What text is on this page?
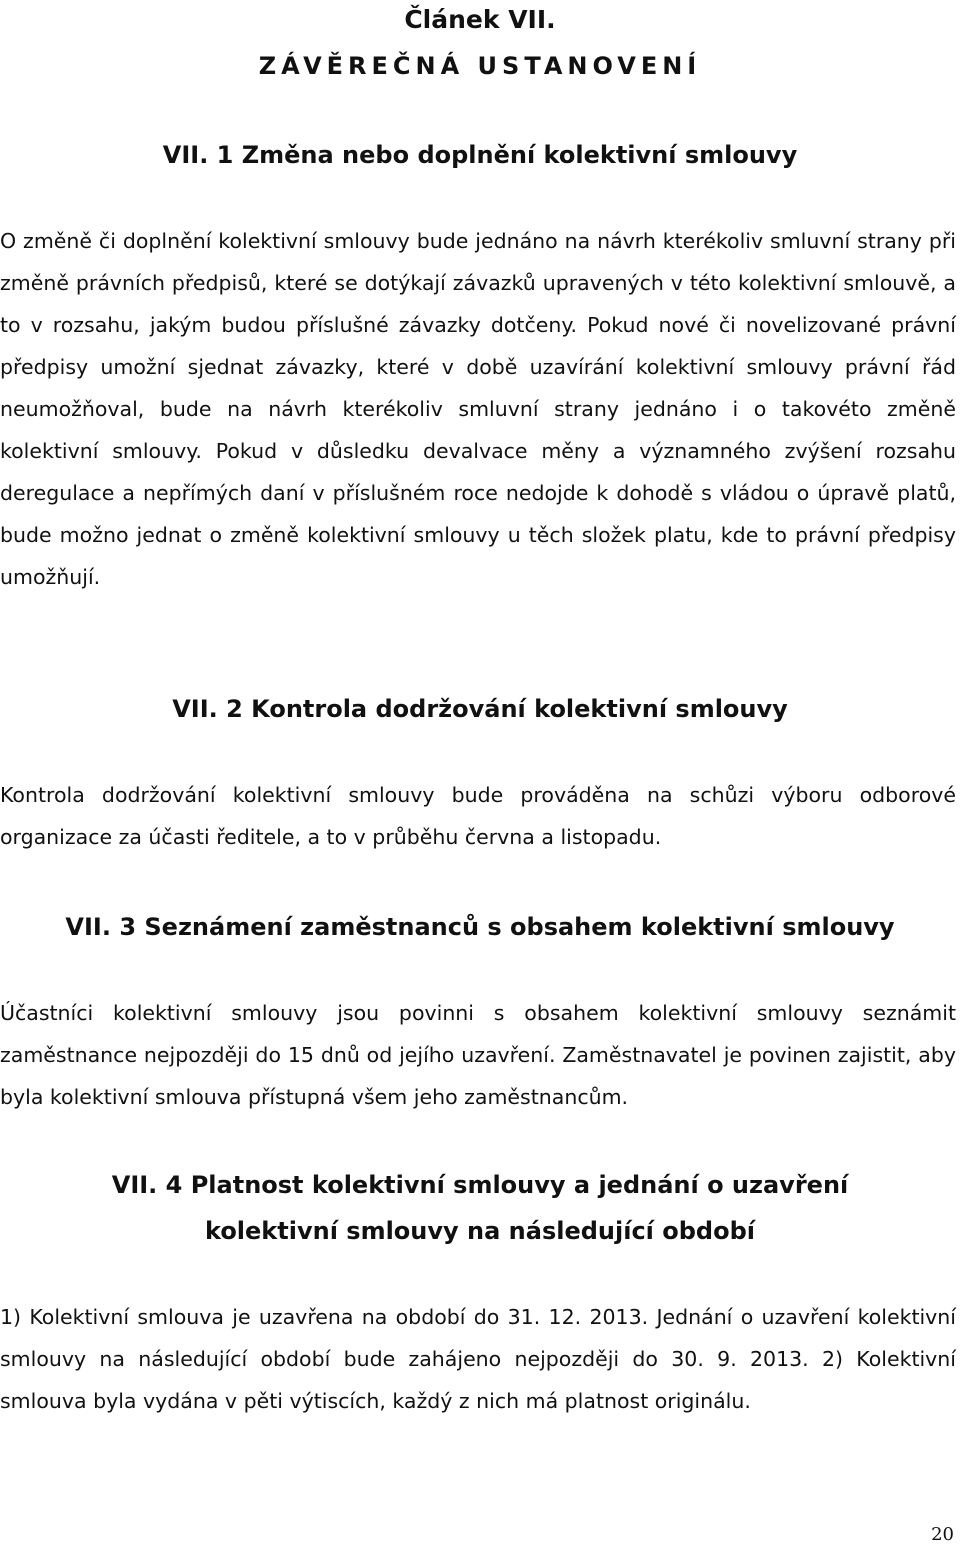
Článek VII.
ZÁVĚREČNÁ USTANOVENÍ
VII. 1 Změna nebo doplnění kolektivní smlouvy

O změně či doplnění kolektivní smlouvy bude jednáno na návrh kterékoliv smluvní strany při změně právních předpisů, které se dotýkají závazků upravených v této kolektivní smlouvě, a to v rozsahu, jakým budou příslušné závazky dotčeny. Pokud nové či novelizované právní předpisy umožní sjednat závazky, které v době uzavírání kolektivní smlouvy právní řád neumožňoval, bude na návrh kterékoliv smluvní strany jednáno i o takovéto změně kolektivní smlouvy. Pokud v důsledku devalvace měny a významného zvýšení rozsahu deregulace a nepřímých daní v příslušném roce nedojde k dohodě s vládou o úpravě platů, bude možno jednat o změně kolektivní smlouvy u těch složek platu, kde to právní předpisy umožňují.

VII. 2 Kontrola dodržování kolektivní smlouvy

Kontrola dodržování kolektivní smlouvy bude prováděna na schůzi výboru odborové organizace za účasti ředitele, a to v průběhu června a listopadu.

VII. 3 Seznámení zaměstnanců s obsahem kolektivní smlouvy

Účastníci kolektivní smlouvy jsou povinni s obsahem kolektivní smlouvy seznámit zaměstnance nejpozději do 15 dnů od jejího uzavření. Zaměstnavatel je povinen zajistit, aby byla kolektivní smlouva přístupná všem jeho zaměstnancům.

VII. 4 Platnost kolektivní smlouvy a jednání o uzavření
kolektivní smlouvy na následující období

1) Kolektivní smlouva je uzavřena na období do 31. 12. 2013. Jednání o uzavření kolektivní smlouvy na následující období bude zahájeno nejpozději do 30. 9. 2013. 2) Kolektivní smlouva byla vydána v pěti výtiscích, každý z nich má platnost originálu.

20
